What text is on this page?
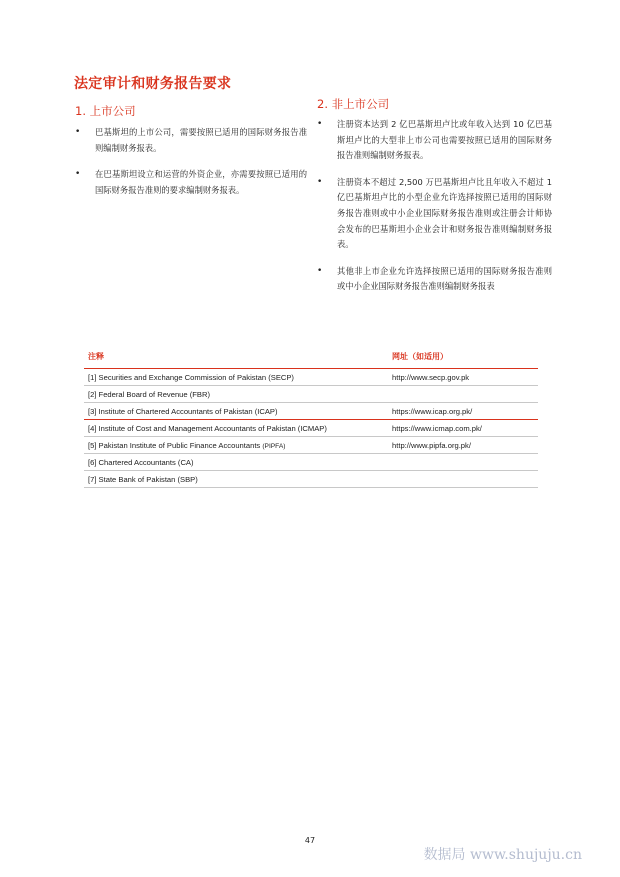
法定审计和财务报告要求
1. 上市公司
• 巴基斯坦的上市公司，需要按照已适用的国际财务报告准则编制财务报表。
• 在巴基斯坦设立和运营的外资企业，亦需要按照已适用的国际财务报告准则的要求编制财务报表。
2. 非上市公司
• 注册资本达到 2 亿巴基斯坦卢比或年收入达到 10 亿巴基斯坦卢比的大型非上市公司也需要按照已适用的国际财务报告准则编制财务报表。
• 注册资本不超过 2,500 万巴基斯坦卢比且年收入不超过 1 亿巴基斯坦卢比的小型企业允许选择按照已适用的国际财务报告准则或中小企业国际财务报告准则或注册会计师协会发布的巴基斯坦小企业会计和财务报告准则编制财务报表。
• 其他非上市企业允许选择按照已适用的国际财务报告准则或中小企业国际财务报告准则编制财务报表
注释	网址（如适用）
[1] Securities and Exchange Commission of Pakistan (SECP)	http://www.secp.gov.pk
[2] Federal Board of Revenue (FBR)	
[3] Institute of Chartered Accountants of Pakistan (ICAP)	https://www.icap.org.pk/
[4] Institute of Cost and Management Accountants of Pakistan (ICMAP)	https://www.icmap.com.pk/
[5] Pakistan Institute of Public Finance Accountants (PIPFA)	http://www.pipfa.org.pk/
[6] Chartered Accountants (CA)	
[7] State Bank of Pakistan (SBP)	
47
数据局 www.shujuju.cn
